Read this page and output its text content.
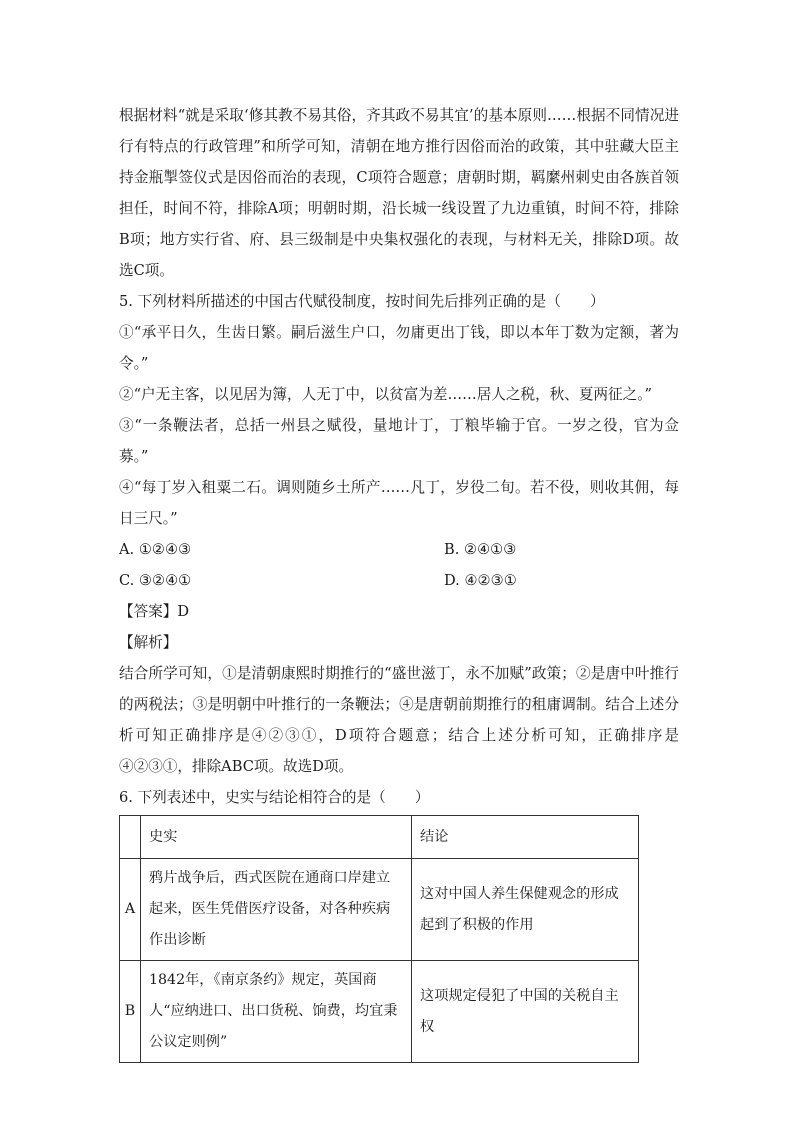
根据材料“就是采取‘修其教不易其俗，齐其政不易其宜’的基本原则……根据不同情况进行有特点的行政管理”和所学可知，清朝在地方推行因俗而治的政策，其中驻藏大臣主持金瓶掣签仪式是因俗而治的表现，C项符合题意；唐朝时期，羁縻州刺史由各族首领担任，时间不符，排除A项；明朝时期，沿长城一线设置了九边重镇，时间不符，排除B项；地方实行省、府、县三级制是中央集权强化的表现，与材料无关，排除D项。故选C项。

5. 下列材料所描述的中国古代赋役制度，按时间先后排列正确的是（　　）

①“承平日久，生齿日繁。嗣后滋生户口，勿庸更出丁钱，即以本年丁数为定额，著为令。”

②“户无主客，以见居为簿，人无丁中，以贫富为差……居人之税，秋、夏两征之。”

③“一条鞭法者，总括一州县之赋役，量地计丁，丁粮毕输于官。一岁之役，官为佥募。”

④“每丁岁入租粟二石。调则随乡土所产……凡丁，岁役二旬。若不役，则收其佣，每日三尺。”

A. ①②④③	B. ②④①③
C. ③②④①	D. ④②③①

【答案】D

【解析】

结合所学可知，①是清朝康熙时期推行的“盛世滋丁，永不加赋”政策；②是唐中叶推行的两税法；③是明朝中叶推行的一条鞭法；④是唐朝前期推行的租庸调制。结合上述分析可知正确排序是④②③①，D项符合题意；结合上述分析可知，正确排序是④②③①，排除ABC项。故选D项。

6. 下列表述中，史实与结论相符合的是（　　）

	史实	结论
A	鸦片战争后，西式医院在通商口岸建立起来，医生凭借医疗设备，对各种疾病作出诊断	这对中国人养生保健观念的形成起到了积极的作用
B	1842年，《南京条约》规定，英国商人“应纳进口、出口货税、饷费，均宜秉公议定则例”	这项规定侵犯了中国的关税自主权
